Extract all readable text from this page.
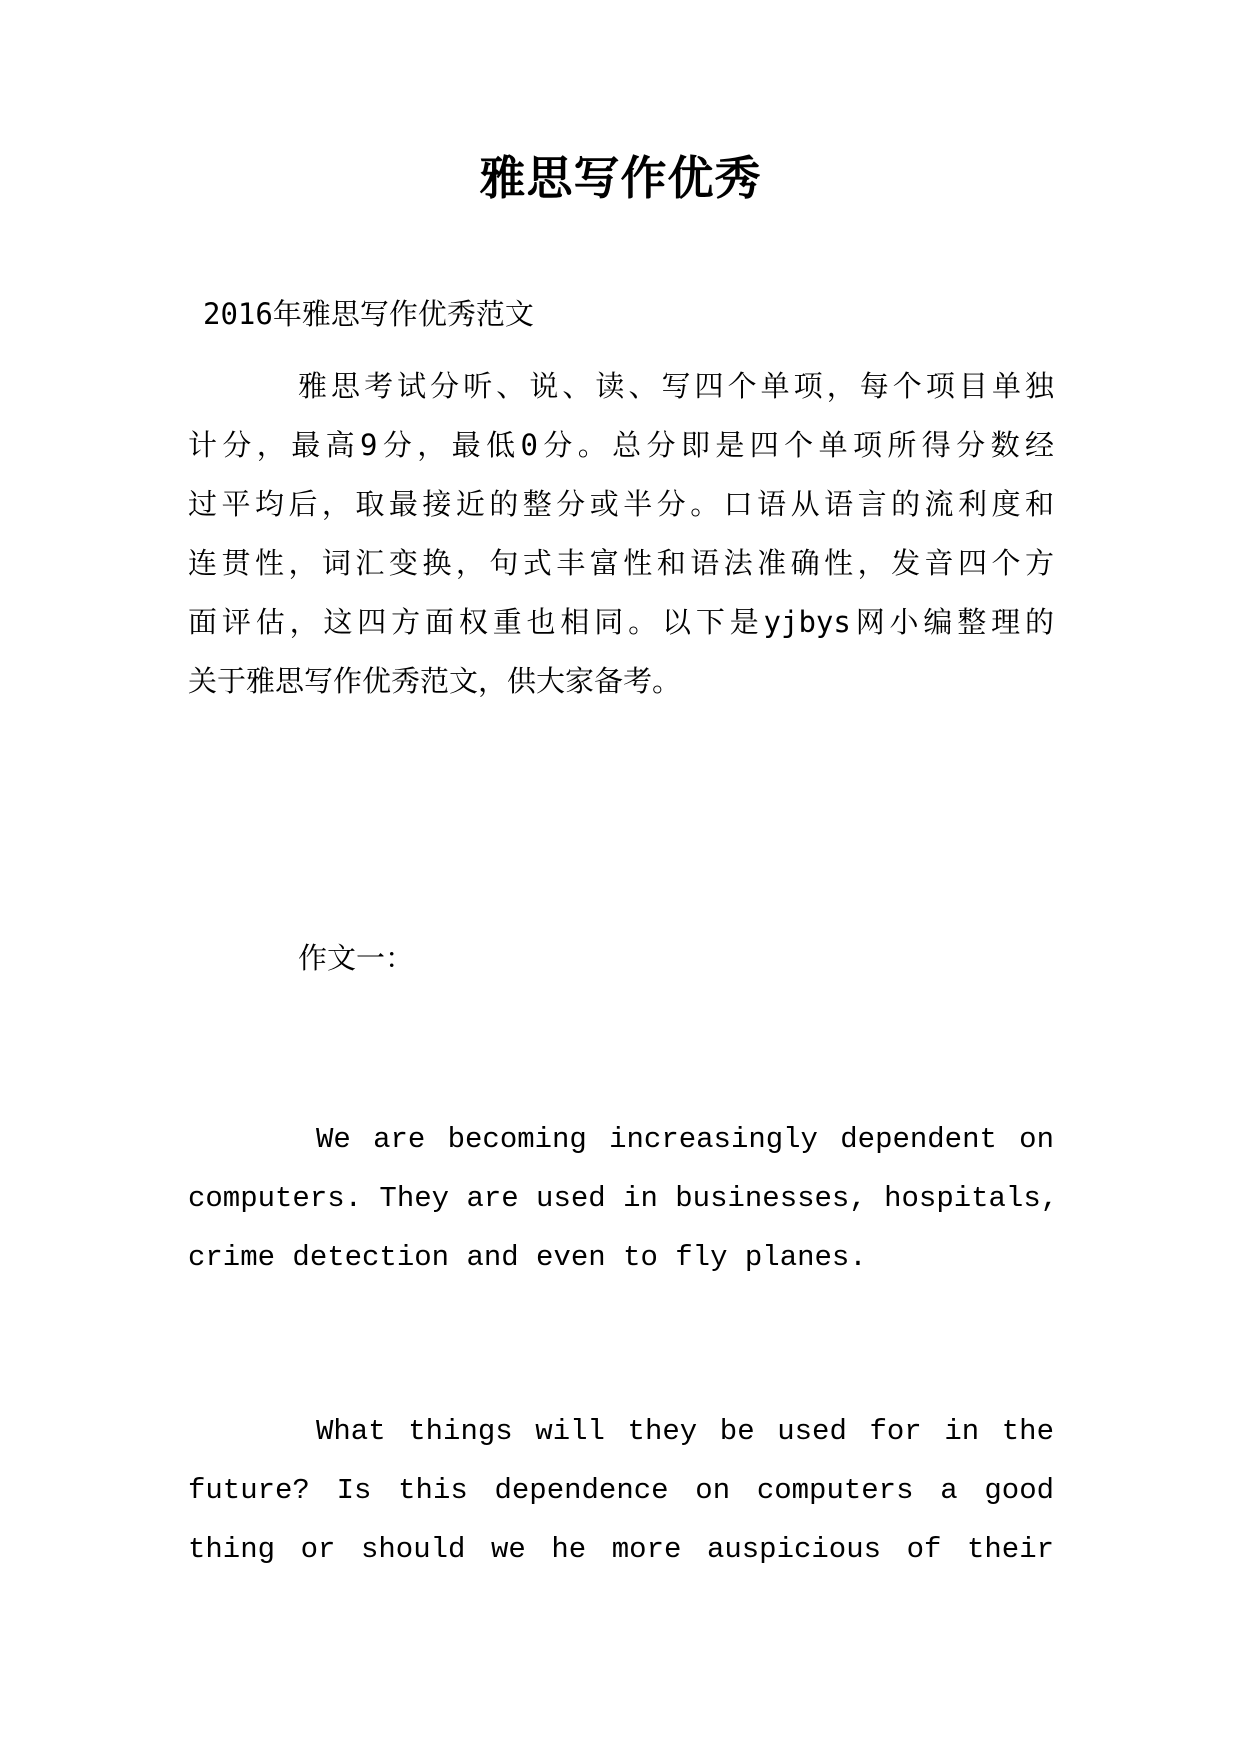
雅思写作优秀
2016年雅思写作优秀范文
雅思考试分听、说、读、写四个单项，每个项目单独
计分，最高9分，最低0分。总分即是四个单项所得分数经
过平均后，取最接近的整分或半分。口语从语言的流利度和
连贯性，词汇变换，句式丰富性和语法准确性，发音四个方
面评估，这四方面权重也相同。以下是yjbys网小编整理的
关于雅思写作优秀范文，供大家备考。
作文一：
We are becoming increasingly dependent on
computers. They are used in businesses, hospitals,
crime detection and even to fly planes.
What things will they be used for in the
future? Is this dependence on computers a good
thing or should we he more auspicious of their
